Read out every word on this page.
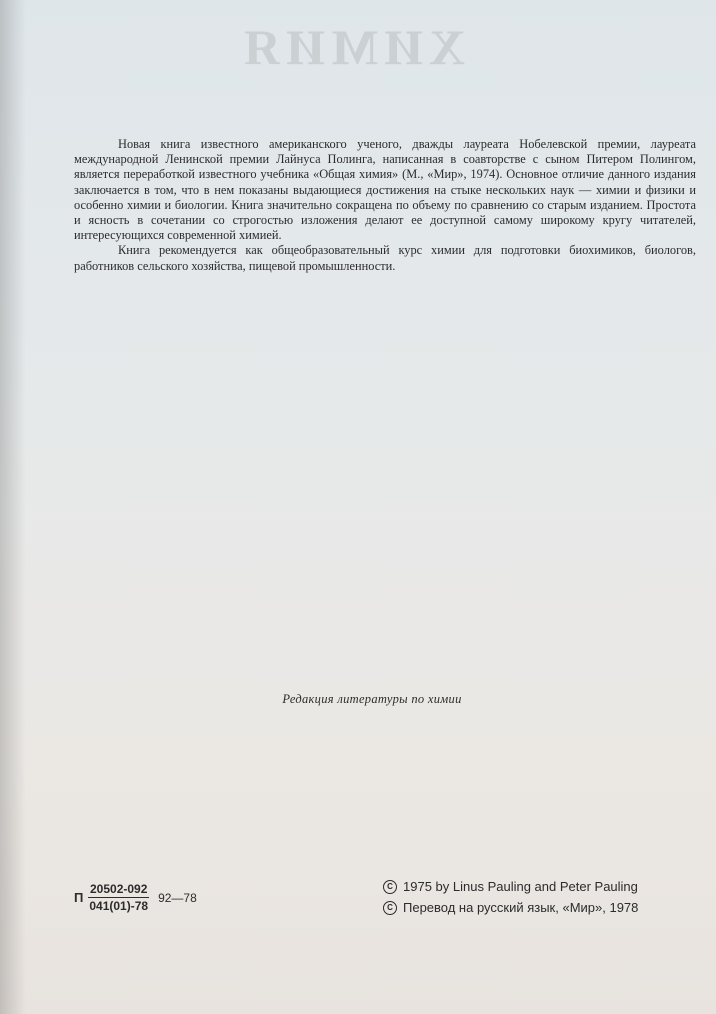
ХИМИЯ

Новая книга известного американского ученого, дважды лауреата Нобелевской премии, лауреата международной Ленинской премии Лайнуса Полинга, написанная в соавторстве с сыном Питером Полингом, является переработкой известного учебника «Общая химия» (М., «Мир», 1974). Основное отличие данного издания заключается в том, что в нем показаны выдающиеся достижения на стыке нескольких наук — химии и физики и особенно химии и биологии. Книга значительно сокращена по объему по сравнению со старым изданием. Простота и ясность в сочетании со строгостью изложения делают ее доступной самому широкому кругу читателей, интересующихся современной химией.

Книга рекомендуется как общеобразовательный курс химии для подготовки биохимиков, биологов, работников сельского хозяйства, пищевой промышленности.

Редакция литературы по химии
П $\frac{20502-092}{041(01)-78}$ 92—78
C 1975 by Linus Pauling and Peter Pauling
C Перевод на русский язык, «Мир», 1978
